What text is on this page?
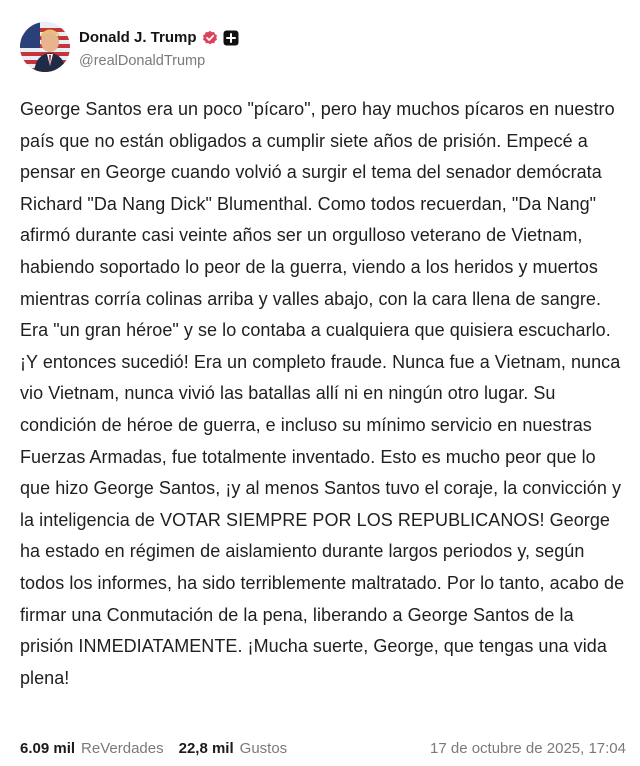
Donald J. Trump
@realDonaldTrump
George Santos era un poco "pícaro", pero hay muchos pícaros en nuestro país que no están obligados a cumplir siete años de prisión. Empecé a pensar en George cuando volvió a surgir el tema del senador demócrata Richard "Da Nang Dick" Blumenthal. Como todos recuerdan, "Da Nang" afirmó durante casi veinte años ser un orgulloso veterano de Vietnam, habiendo soportado lo peor de la guerra, viendo a los heridos y muertos mientras corría colinas arriba y valles abajo, con la cara llena de sangre. Era "un gran héroe" y se lo contaba a cualquiera que quisiera escucharlo. ¡Y entonces sucedió! Era un completo fraude. Nunca fue a Vietnam, nunca vio Vietnam, nunca vivió las batallas allí ni en ningún otro lugar. Su condición de héroe de guerra, e incluso su mínimo servicio en nuestras Fuerzas Armadas, fue totalmente inventado. Esto es mucho peor que lo que hizo George Santos, ¡y al menos Santos tuvo el coraje, la convicción y la inteligencia de VOTAR SIEMPRE POR LOS REPUBLICANOS! George ha estado en régimen de aislamiento durante largos periodos y, según todos los informes, ha sido terriblemente maltratado. Por lo tanto, acabo de firmar una Conmutación de la pena, liberando a George Santos de la prisión INMEDIATAMENTE. ¡Mucha suerte, George, que tengas una vida plena!
6.09 mil ReVerdades 22,8 mil Gustos	17 de octubre de 2025, 17:04
